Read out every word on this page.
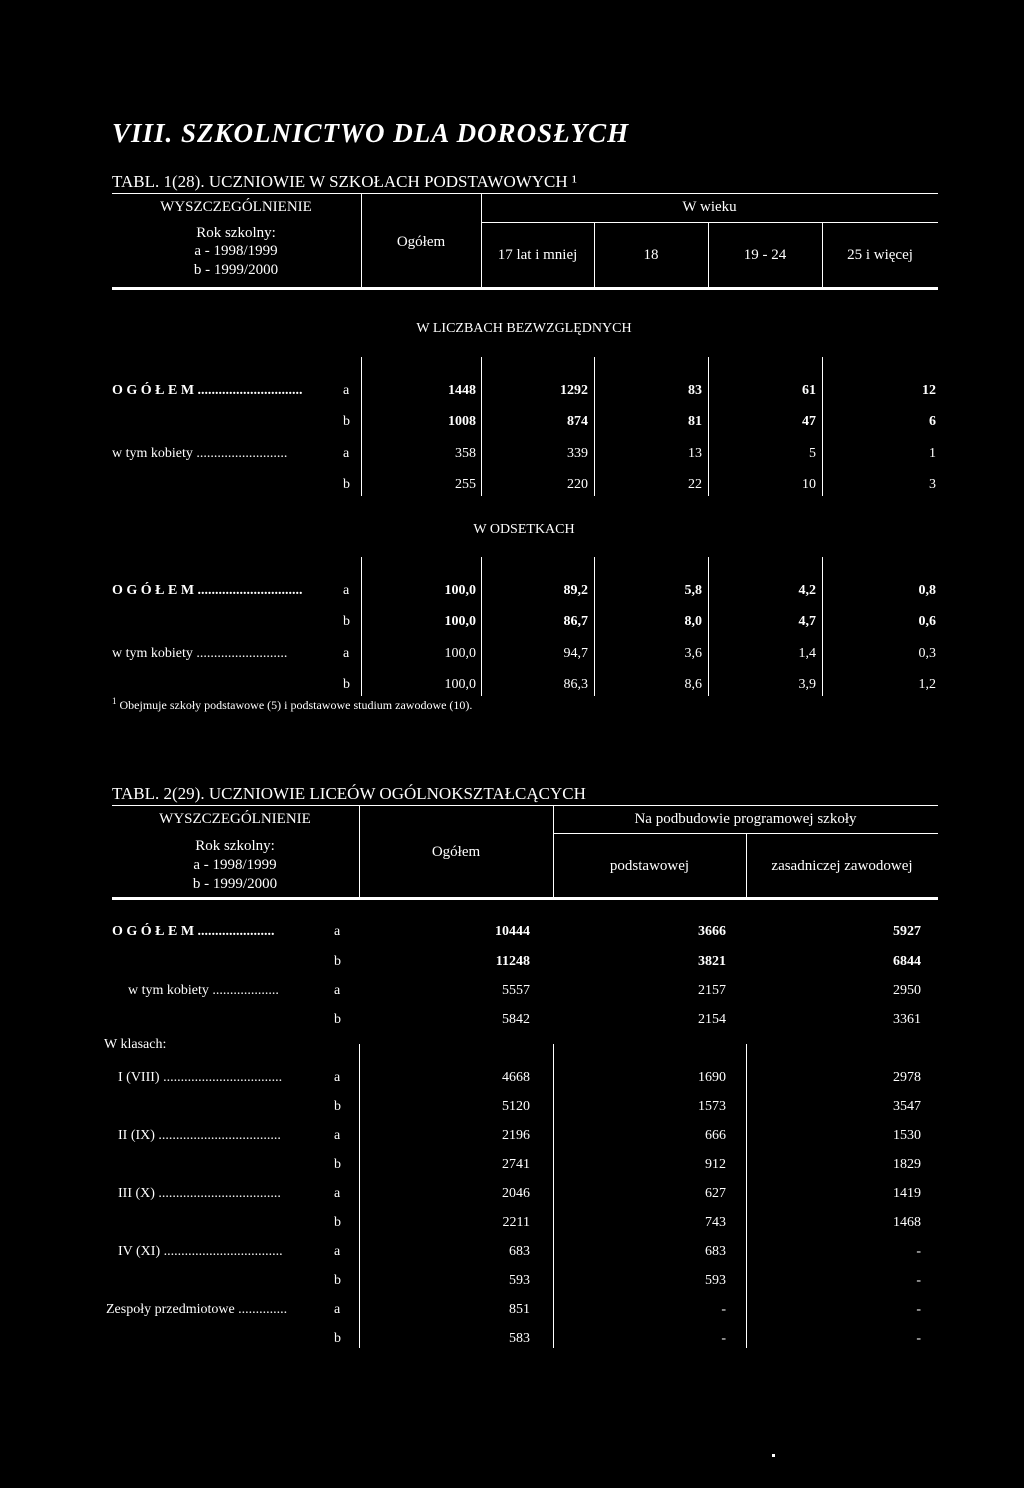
VIII. SZKOLNICTWO DLA DOROSŁYCH
TABL. 1(28). UCZNIOWIE W SZKOŁACH PODSTAWOWYCH ¹
WYSZCZEGÓLNIENIE
Rok szkolny:
a - 1998/1999
b - 1999/2000
Ogółem
W wieku
17 lat i mniej	18	19 - 24	25 i więcej
W LICZBACH BEZWZGLĘDNYCH
W ODSETKACH
O G Ó Ł E M ..............................	a	1448	1292	83	61	12
b	1008	874	81	47	6
w tym kobiety ..........................	a	358	339	13	5	1
b	255	220	22	10	3
O G Ó Ł E M ..............................	a	100,0	89,2	5,8	4,2	0,8
b	100,0	86,7	8,0	4,7	0,6
w tym kobiety ..........................	a	100,0	94,7	3,6	1,4	0,3
b	100,0	86,3	8,6	3,9	1,2
$^1$ Obejmuje szkoły podstawowe (5) i podstawowe studium zawodowe (10).
TABL. 2(29). UCZNIOWIE LICEÓW OGÓLNOKSZTAŁCĄCYCH
WYSZCZEGÓLNIENIE
Rok szkolny:
a - 1998/1999
b - 1999/2000
Ogółem
Na podbudowie programowej szkoły
podstawowej	zasadniczej zawodowej
W klasach:
O G Ó Ł E M ......................	a	10444	3666	5927
b	11248	3821	6844
w tym kobiety ...................	a	5557	2157	2950
b	5842	2154	3361
I (VIII) ..................................	a	4668	1690	2978
b	5120	1573	3547
II (IX) ...................................	a	2196	666	1530
b	2741	912	1829
III (X) ...................................	a	2046	627	1419
b	2211	743	1468
IV (XI) ..................................	a	683	683	-
b	593	593	-
Zespoły przedmiotowe ..............	a	851	-	-
b	583	-	-
